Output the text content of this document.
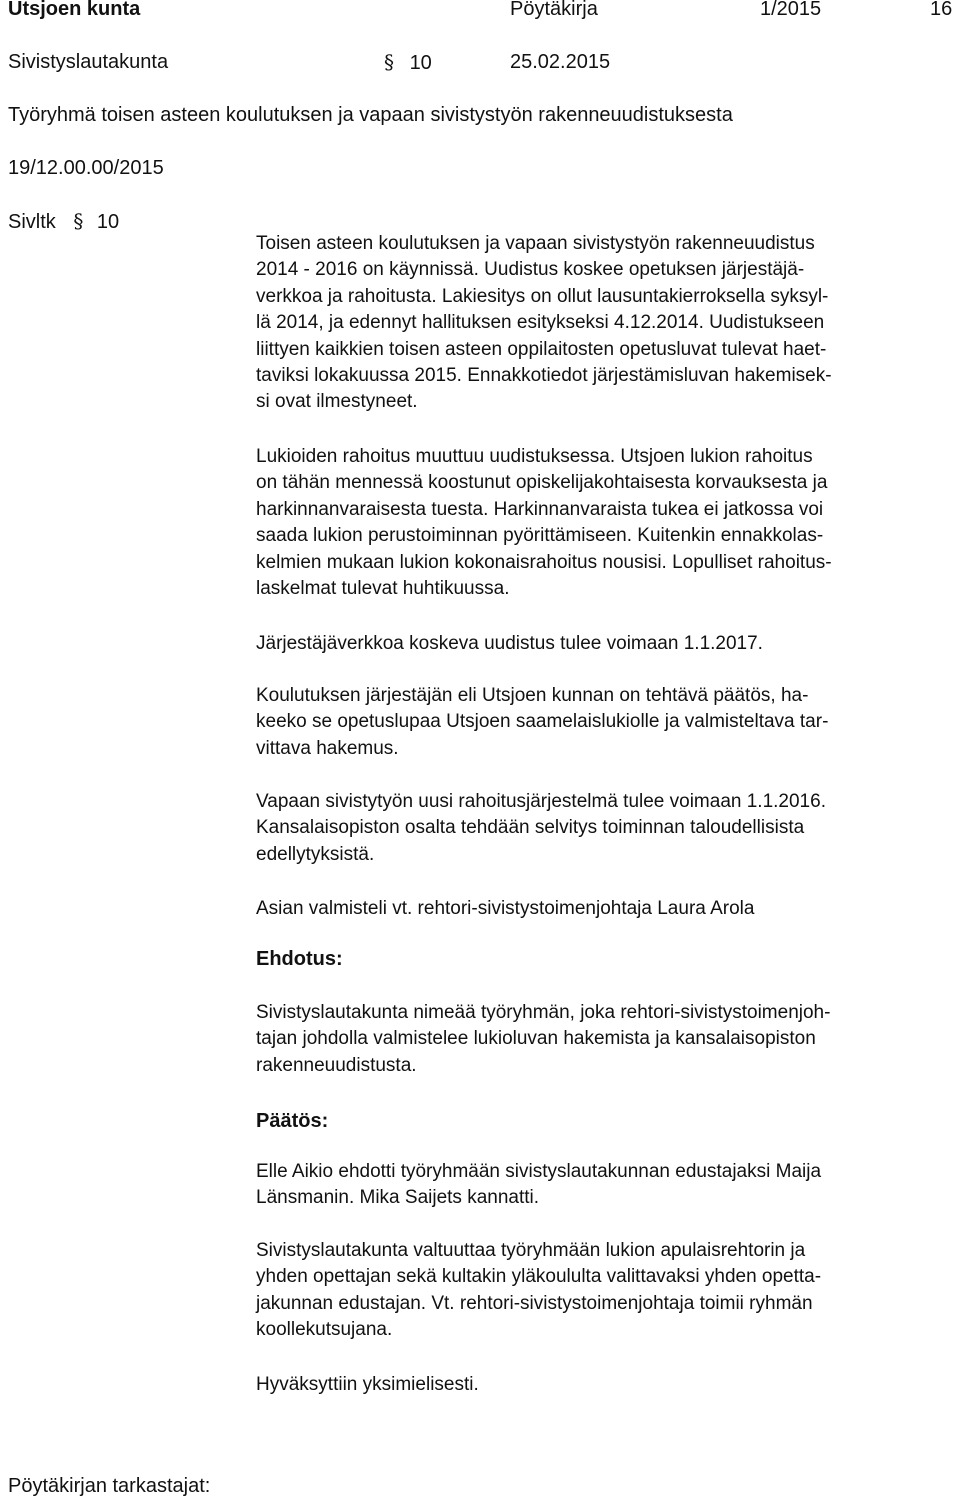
Utsjoen kunta	Pöytäkirja	1/2015	16
Sivistyslautakunta	§ 10	25.02.2015
Työryhmä toisen asteen koulutuksen ja vapaan sivistystyön rakenneuudistuksesta
19/12.00.00/2015
Sivltk § 10

Toisen asteen koulutuksen ja vapaan sivistystyön rakenneuudistus

2014 - 2016 on käynnissä. Uudistus koskee opetuksen järjestäjä-

verkkoa ja rahoitusta. Lakiesitys on ollut lausuntakierroksella syksyl-

lä 2014, ja edennyt hallituksen esitykseksi 4.12.2014. Uudistukseen

liittyen kaikkien toisen asteen oppilaitosten opetusluvat tulevat haet-

taviksi lokakuussa 2015. Ennakkotiedot järjestämisluvan hakemisek-

si ovat ilmestyneet.

Lukioiden rahoitus muuttuu uudistuksessa. Utsjoen lukion rahoitus

on tähän mennessä koostunut opiskelijakohtaisesta korvauksesta ja

harkinnanvaraisesta tuesta. Harkinnanvaraista tukea ei jatkossa voi

saada lukion perustoiminnan pyörittämiseen. Kuitenkin ennakkolas-

kelmien mukaan lukion kokonaisrahoitus nousisi. Lopulliset rahoitus-

laskelmat tulevat huhtikuussa.

Järjestäjäverkkoa koskeva uudistus tulee voimaan 1.1.2017.

Koulutuksen järjestäjän eli Utsjoen kunnan on tehtävä päätös, ha-

keeko se opetuslupaa Utsjoen saamelaislukiolle ja valmisteltava tar-

vittava hakemus.

Vapaan sivistytyön uusi rahoitusjärjestelmä tulee voimaan 1.1.2016.

Kansalaisopiston osalta tehdään selvitys toiminnan taloudellisista

edellytyksistä.

Asian valmisteli vt. rehtori-sivistystoimenjohtaja Laura Arola

Ehdotus:

Sivistyslautakunta nimeää työryhmän, joka rehtori-sivistystoimenjoh-

tajan johdolla valmistelee lukioluvan hakemista ja kansalaisopiston

rakenneuudistusta.

Päätös:

Elle Aikio ehdotti työryhmään sivistyslautakunnan edustajaksi Maija

Länsmanin. Mika Saijets kannatti.

Sivistyslautakunta valtuuttaa työryhmään lukion apulaisrehtorin ja

yhden opettajan sekä kultakin yläkoululta valittavaksi yhden opetta-

jakunnan edustajan. Vt. rehtori-sivistystoimenjohtaja toimii ryhmän

koollekutsujana.

Hyväksyttiin yksimielisesti.

Pöytäkirjan tarkastajat:
